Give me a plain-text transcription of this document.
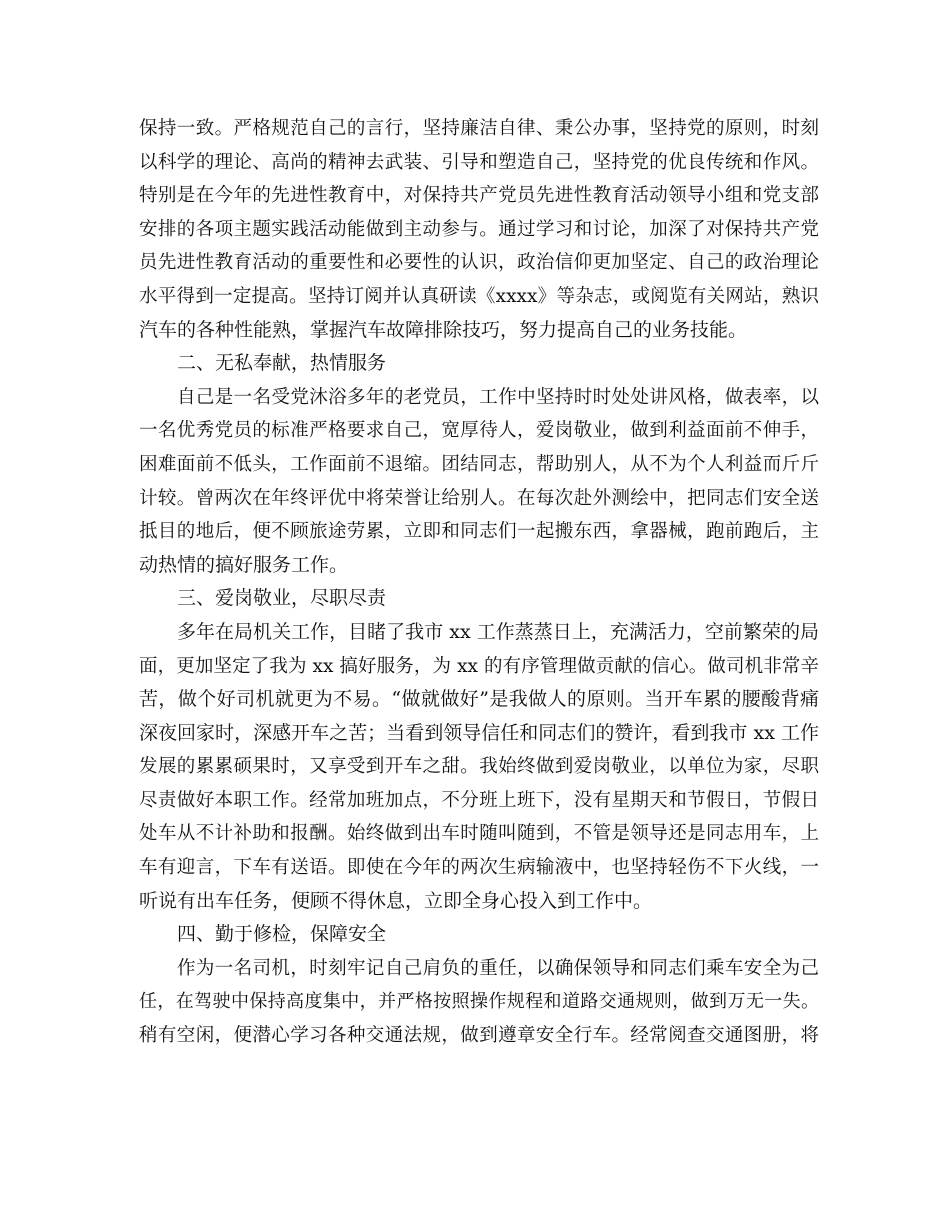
保持一致。严格规范自己的言行，坚持廉洁自律、秉公办事，坚持党的原则，时刻
以科学的理论、高尚的精神去武装、引导和塑造自己，坚持党的优良传统和作风。
特别是在今年的先进性教育中，对保持共产党员先进性教育活动领导小组和党支部
安排的各项主题实践活动能做到主动参与。通过学习和讨论，加深了对保持共产党
员先进性教育活动的重要性和必要性的认识，政治信仰更加坚定、自己的政治理论
水平得到一定提高。坚持订阅并认真研读《xxxx》等杂志，或阅览有关网站，熟识
汽车的各种性能熟，掌握汽车故障排除技巧，努力提高自己的业务技能。
二、无私奉献，热情服务
自己是一名受党沐浴多年的老党员，工作中坚持时时处处讲风格，做表率，以
一名优秀党员的标准严格要求自己，宽厚待人，爱岗敬业，做到利益面前不伸手，
困难面前不低头，工作面前不退缩。团结同志，帮助别人，从不为个人利益而斤斤
计较。曾两次在年终评优中将荣誉让给别人。在每次赴外测绘中，把同志们安全送
抵目的地后，便不顾旅途劳累，立即和同志们一起搬东西，拿器械，跑前跑后，主
动热情的搞好服务工作。
三、爱岗敬业，尽职尽责
多年在局机关工作，目睹了我市 xx 工作蒸蒸日上，充满活力，空前繁荣的局
面，更加坚定了我为 xx 搞好服务，为 xx 的有序管理做贡献的信心。做司机非常辛
苦，做个好司机就更为不易。“做就做好”是我做人的原则。当开车累的腰酸背痛
深夜回家时，深感开车之苦；当看到领导信任和同志们的赞许，看到我市 xx 工作
发展的累累硕果时，又享受到开车之甜。我始终做到爱岗敬业，以单位为家，尽职
尽责做好本职工作。经常加班加点，不分班上班下，没有星期天和节假日，节假日
处车从不计补助和报酬。始终做到出车时随叫随到，不管是领导还是同志用车，上
车有迎言，下车有送语。即使在今年的两次生病输液中，也坚持轻伤不下火线，一
听说有出车任务，便顾不得休息，立即全身心投入到工作中。
四、勤于修检，保障安全
作为一名司机，时刻牢记自己肩负的重任，以确保领导和同志们乘车安全为己
任，在驾驶中保持高度集中，并严格按照操作规程和道路交通规则，做到万无一失。
稍有空闲，便潜心学习各种交通法规，做到遵章安全行车。经常阅查交通图册，将
